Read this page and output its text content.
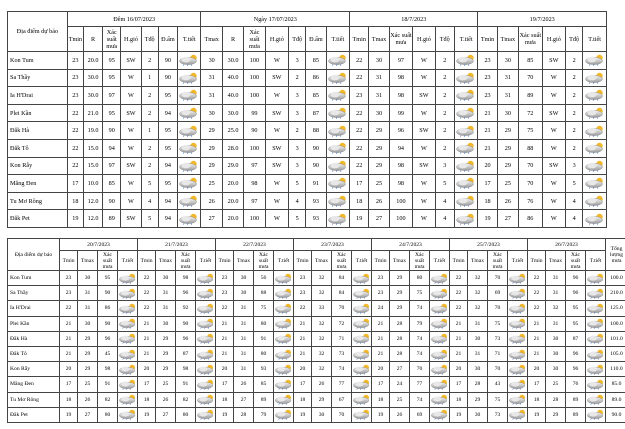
Địa điểm dự báo	Đêm 16/07/2023							Ngày 17/07/2023							18/7/2023						19/7/2023					
	Tmin	R	Xác suất mưa	H.gió	Tđộ	Đ.ẩm	T.tiết	Tmax	R	Xác suất mưa	H.gió	Tđộ	Đ.ẩm	T.tiết	Tmin	Tmax	Xác suất mưa	H.gió	Tđộ	T.tiết	Tmin	Tmax	Xác suất mưa	H.gió	Tđộ	T.tiết
Kon Tum	23	20.0	95	SW	2	90		30	30.0	100	W	3	85		22	30	97	W	2		23	30	85	SW	2	

Sa Thầy	23	30.0	95	W	1	90		31	40.0	100	SW	2	86		22	31	98	W	2		23	31	70	W	2	

Ia H'Drai	23	30.0	97	W	2	95		31	40.0	100	W	3	85		23	31	98	SW	2		23	31	89	W	2	

Plei Kần	22	21.0	95	SW	2	94		30	30.0	99	SW	3	87		22	30	99	W	2		21	30	72	SW	2	

Đăk Hà	22	19.0	90	W	1	95		29	25.0	90	W	2	88		22	29	96	SW	2		21	29	75	W	2	

Đăk Tô	22	15.0	94	W	2	95		29	28.0	100	SW	3	90		22	29	94	W	2		21	29	88	W	2	

Kon Rẫy	22	15.0	97	SW	2	94		29	29.0	97	SW	3	90		22	29	98	SW	3		20	29	70	SW	3	

Măng Đen	17	10.0	85	W	5	95		25	20.0	98	W	5	91		17	25	98	W	5		17	25	70	W	5	

Tu Mơ Rông	18	12.0	90	W	4	94		26	20.0	97	W	4	93		18	26	100	W	4		18	26	76	W	4	

Đăk Pet	19	12.0	89	SW	5	94		27	20.0	100	W	5	93		19	27	100	W	4		19	27	86	W	4	
Địa điểm dự báo	20/7/2023				21/7/2023				22/7/2023				23/7/2023				24/7/2023				25/7/2023				26/7/2023				Tổng lượng mưa
	Tmin	Tmax	Xác suất mưa	T.tiết	Tmin	Tmax	Xác suất mưa	T.tiết	Tmin	Tmax	Xác suất mưa	T.tiết	Tmin	Tmax	Xác suất mưa	T.tiết	Tmin	Tmax	Xác suất mưa	T.tiết	Tmin	Tmax	Xác suất mưa	T.tiết	Tmin	Tmax	Xác suất mưa	T.tiết	
Kon Tum	23	30	95		22	30	98		23	30	56		23	32	84		23	29	80		22	32	70		22	31	96		100.0
Sa Thầy	23	31	90		22	31	96		23	30	88		23	32	84		23	29	75		22	32	69		22	31	96		210.0
Ia H'Drai	22	31	86		22	31	92		22	31	75		22	33	70		24	29	74		22	32	70		22	32	95		125.0
Plei Kần	21	30	90		21	30	90		21	31	80		21	32	72		21	28	79		21	31	75		21	31	95		100.0
Đăk Hà	21	29	96		21	29	96		21	31	91		21	32	71		21	28	74		21	30	73		21	30	87		101.0
Đăk Tô	21	29	45		21	29	87		21	31	80		21	32	73		21	28	74		21	31	71		21	30	96		105.0
Kon Rẫy	20	29	98		20	29	98		20	31	93		20	32	74		20	27	70		20	30	70		20	30	96		110.0
Măng Đen	17	25	91		17	25	91		17	26	85		17	26	77		17	24	77		17	28	43		17	25	76		85.0
Tu Mơ Rông	18	26	82		18	26	82		18	27	89		18	29	67		18	25	74		18	29	75		18	28	89		89.0
Đăk Pet	19	27	80		19	27	80		19	28	79		19	30	70		19	26	69		19	30	73		19	29	89		90.0
